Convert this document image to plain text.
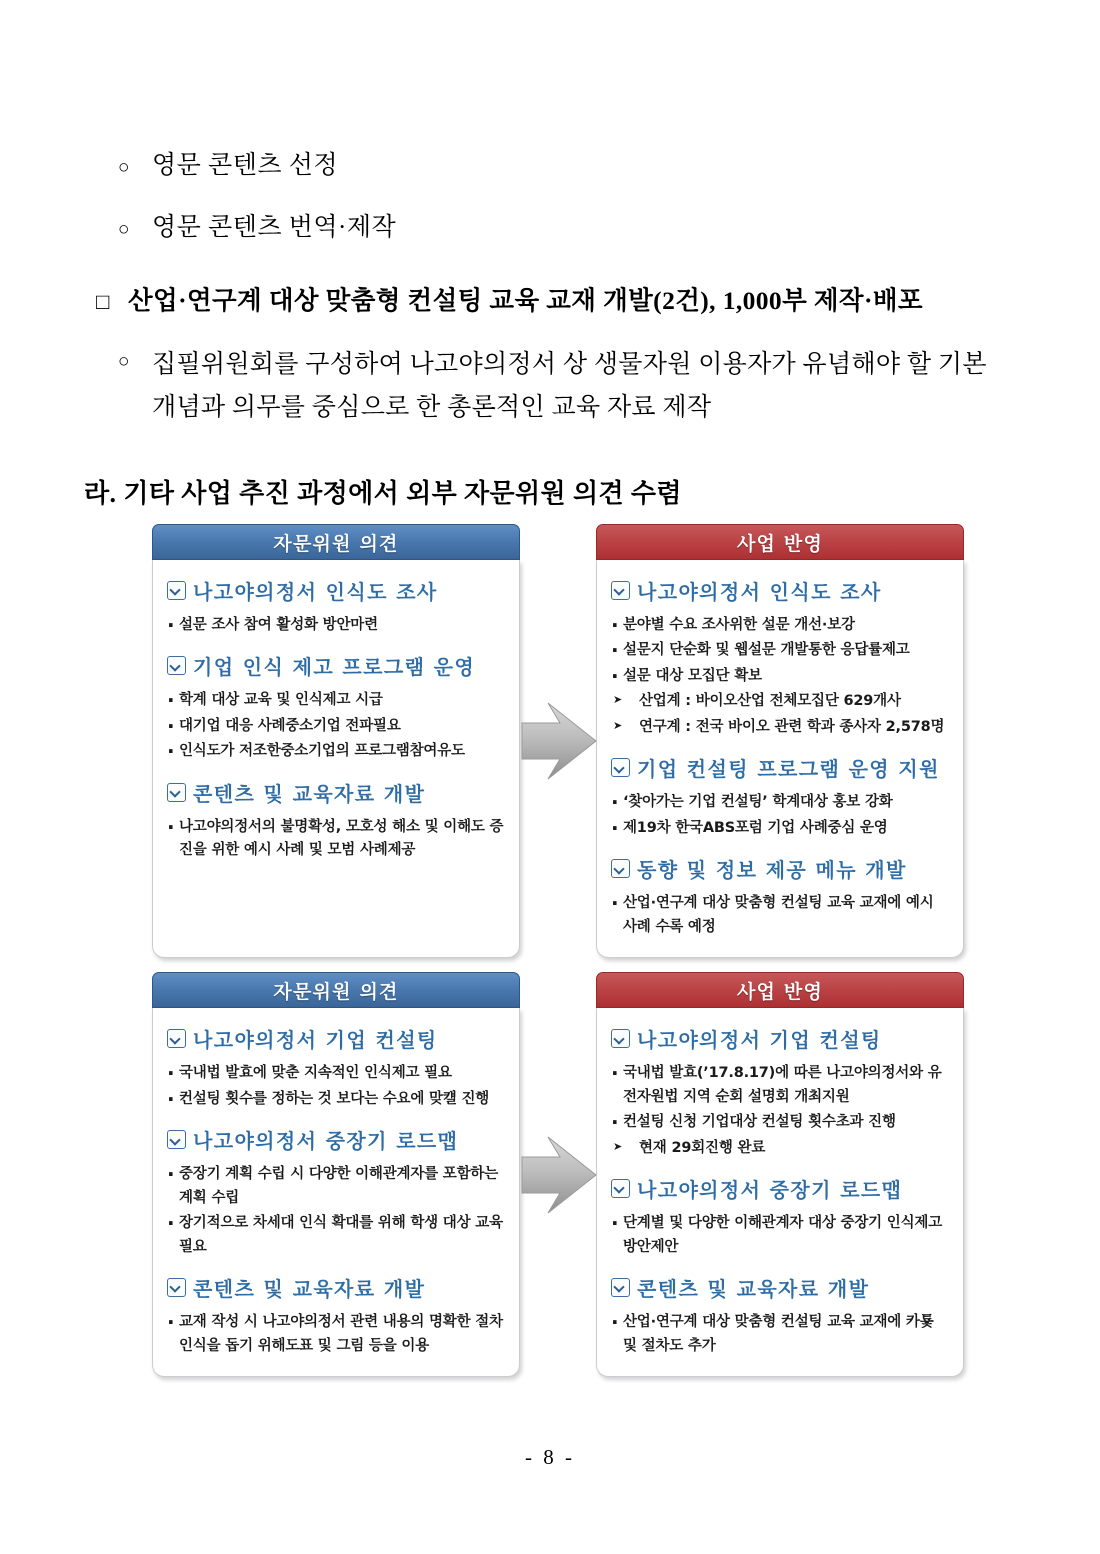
○ 영문 콘텐츠 선정
○ 영문 콘텐츠 번역·제작
□ 산업·연구계 대상 맞춤형 컨설팅 교육 교재 개발(2건), 1,000부 제작·배포
○ 집필위원회를 구성하여 나고야의정서 상 생물자원 이용자가 유념해야 할 기본
개념과 의무를 중심으로 한 총론적인 교육 자료 제작
라. 기타 사업 추진 과정에서 외부 자문위원 의견 수렴
자문위원 의견
나고야의정서 인식도 조사
· 설문 조사 참여 활성화 방안마련
기업 인식 제고 프로그램 운영
· 학계 대상 교육 및 인식제고 시급
· 대기업 대응 사례중소기업 전파필요
· 인식도가 저조한중소기업의 프로그램참여유도
콘텐츠 및 교육자료 개발
· 나고야의정서의 불명확성, 모호성 해소 및 이해도 증진을 위한 예시 사례 및 모범 사례제공
사업 반영
나고야의정서 인식도 조사
· 분야별 수요 조사위한 설문 개선·보강
· 설문지 단순화 및 웹설문 개발통한 응답률제고
· 설문 대상 모집단 확보
➤ 산업계 : 바이오산업 전체모집단 629개사
➤ 연구계 : 전국 바이오 관련 학과 종사자 2,578명
기업 컨설팅 프로그램 운영 지원
· ‘찾아가는 기업 컨설팅’ 학계대상 홍보 강화
· 제19차 한국ABS포럼 기업 사례중심 운영
동향 및 정보 제공 메뉴 개발
· 산업·연구계 대상 맞춤형 컨설팅 교육 교재에 예시 사례 수록 예정
자문위원 의견
나고야의정서 기업 컨설팅
· 국내법 발효에 맞춘 지속적인 인식제고 필요
· 컨설팅 횟수를 정하는 것 보다는 수요에 맞컐 진행
나고야의정서 중장기 로드맵
· 중장기 계획 수립 시 다양한 이해관계자를 포함하는 계획 수립
· 장기적으로 차세대 인식 확대를 위해 학생 대상 교육 필요
콘텐츠 및 교육자료 개발
· 교재 작성 시 나고야의정서 관련 내용의 명확한 절차 인식을 돕기 위해도표 및 그림 등을 이용
사업 반영
나고야의정서 기업 컨설팅
· 국내법 발효(’17.8.17)에 따른 나고야의정서와 유전자원법 지역 순회 설명회 개최지원
· 컨설팅 신청 기업대상 컨설팅 횟수초과 진행
➤ 현재 29회진행 완료
나고야의정서 중장기 로드맵
· 단계별 및 다양한 이해관계자 대상 중장기 인식제고 방안제안
콘텐츠 및 교육자료 개발
· 산업·연구계 대상 맞춤형 컨설팅 교육 교재에 카툧 및 절차도 추가
- 8 -
